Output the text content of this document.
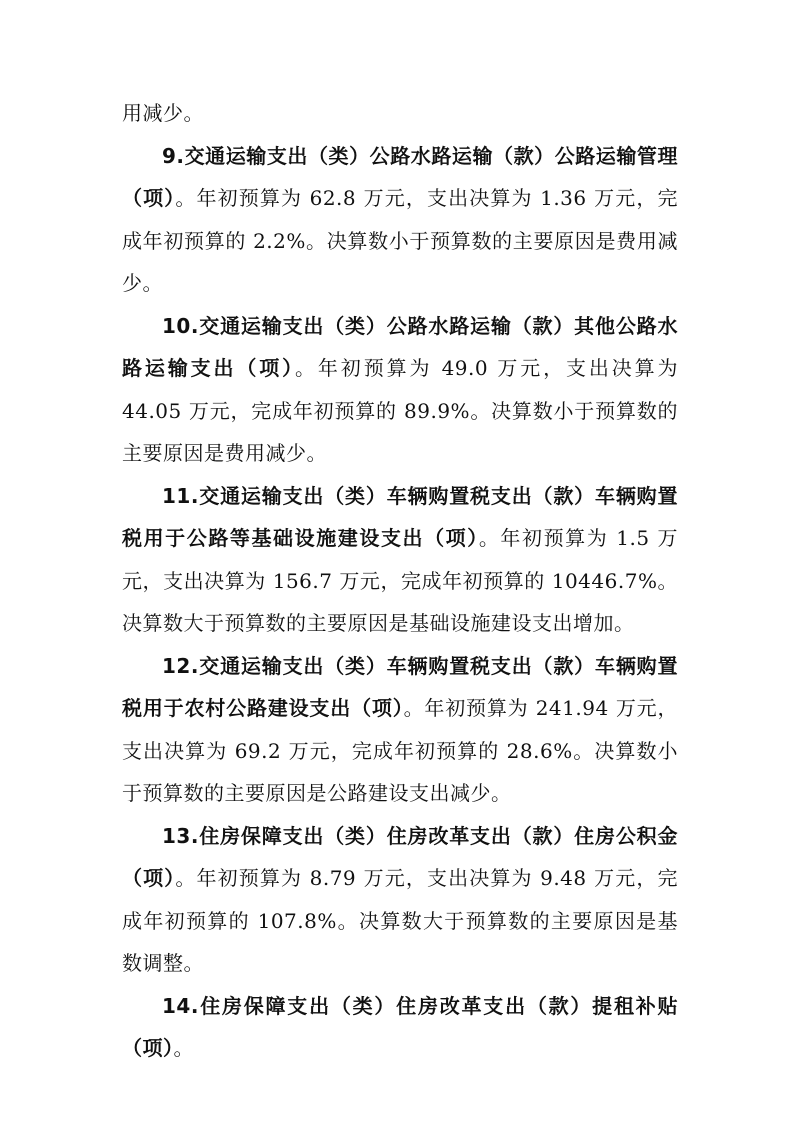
用减少。

9.交通运输支出（类）公路水路运输（款）公路运输管理（项）。年初预算为 62.8 万元，支出决算为 1.36 万元，完成年初预算的 2.2%。决算数小于预算数的主要原因是费用减少。

10.交通运输支出（类）公路水路运输（款）其他公路水路运输支出（项）。年初预算为 49.0 万元，支出决算为 44.05 万元，完成年初预算的 89.9%。决算数小于预算数的主要原因是费用减少。

11.交通运输支出（类）车辆购置税支出（款）车辆购置税用于公路等基础设施建设支出（项）。年初预算为 1.5 万元，支出决算为 156.7 万元，完成年初预算的 10446.7%。决算数大于预算数的主要原因是基础设施建设支出增加。

12.交通运输支出（类）车辆购置税支出（款）车辆购置税用于农村公路建设支出（项）。年初预算为 241.94 万元，支出决算为 69.2 万元，完成年初预算的 28.6%。决算数小于预算数的主要原因是公路建设支出减少。

13.住房保障支出（类）住房改革支出（款）住房公积金（项）。年初预算为 8.79 万元，支出决算为 9.48 万元，完成年初预算的 107.8%。决算数大于预算数的主要原因是基数调整。

14.住房保障支出（类）住房改革支出（款）提租补贴（项）。
